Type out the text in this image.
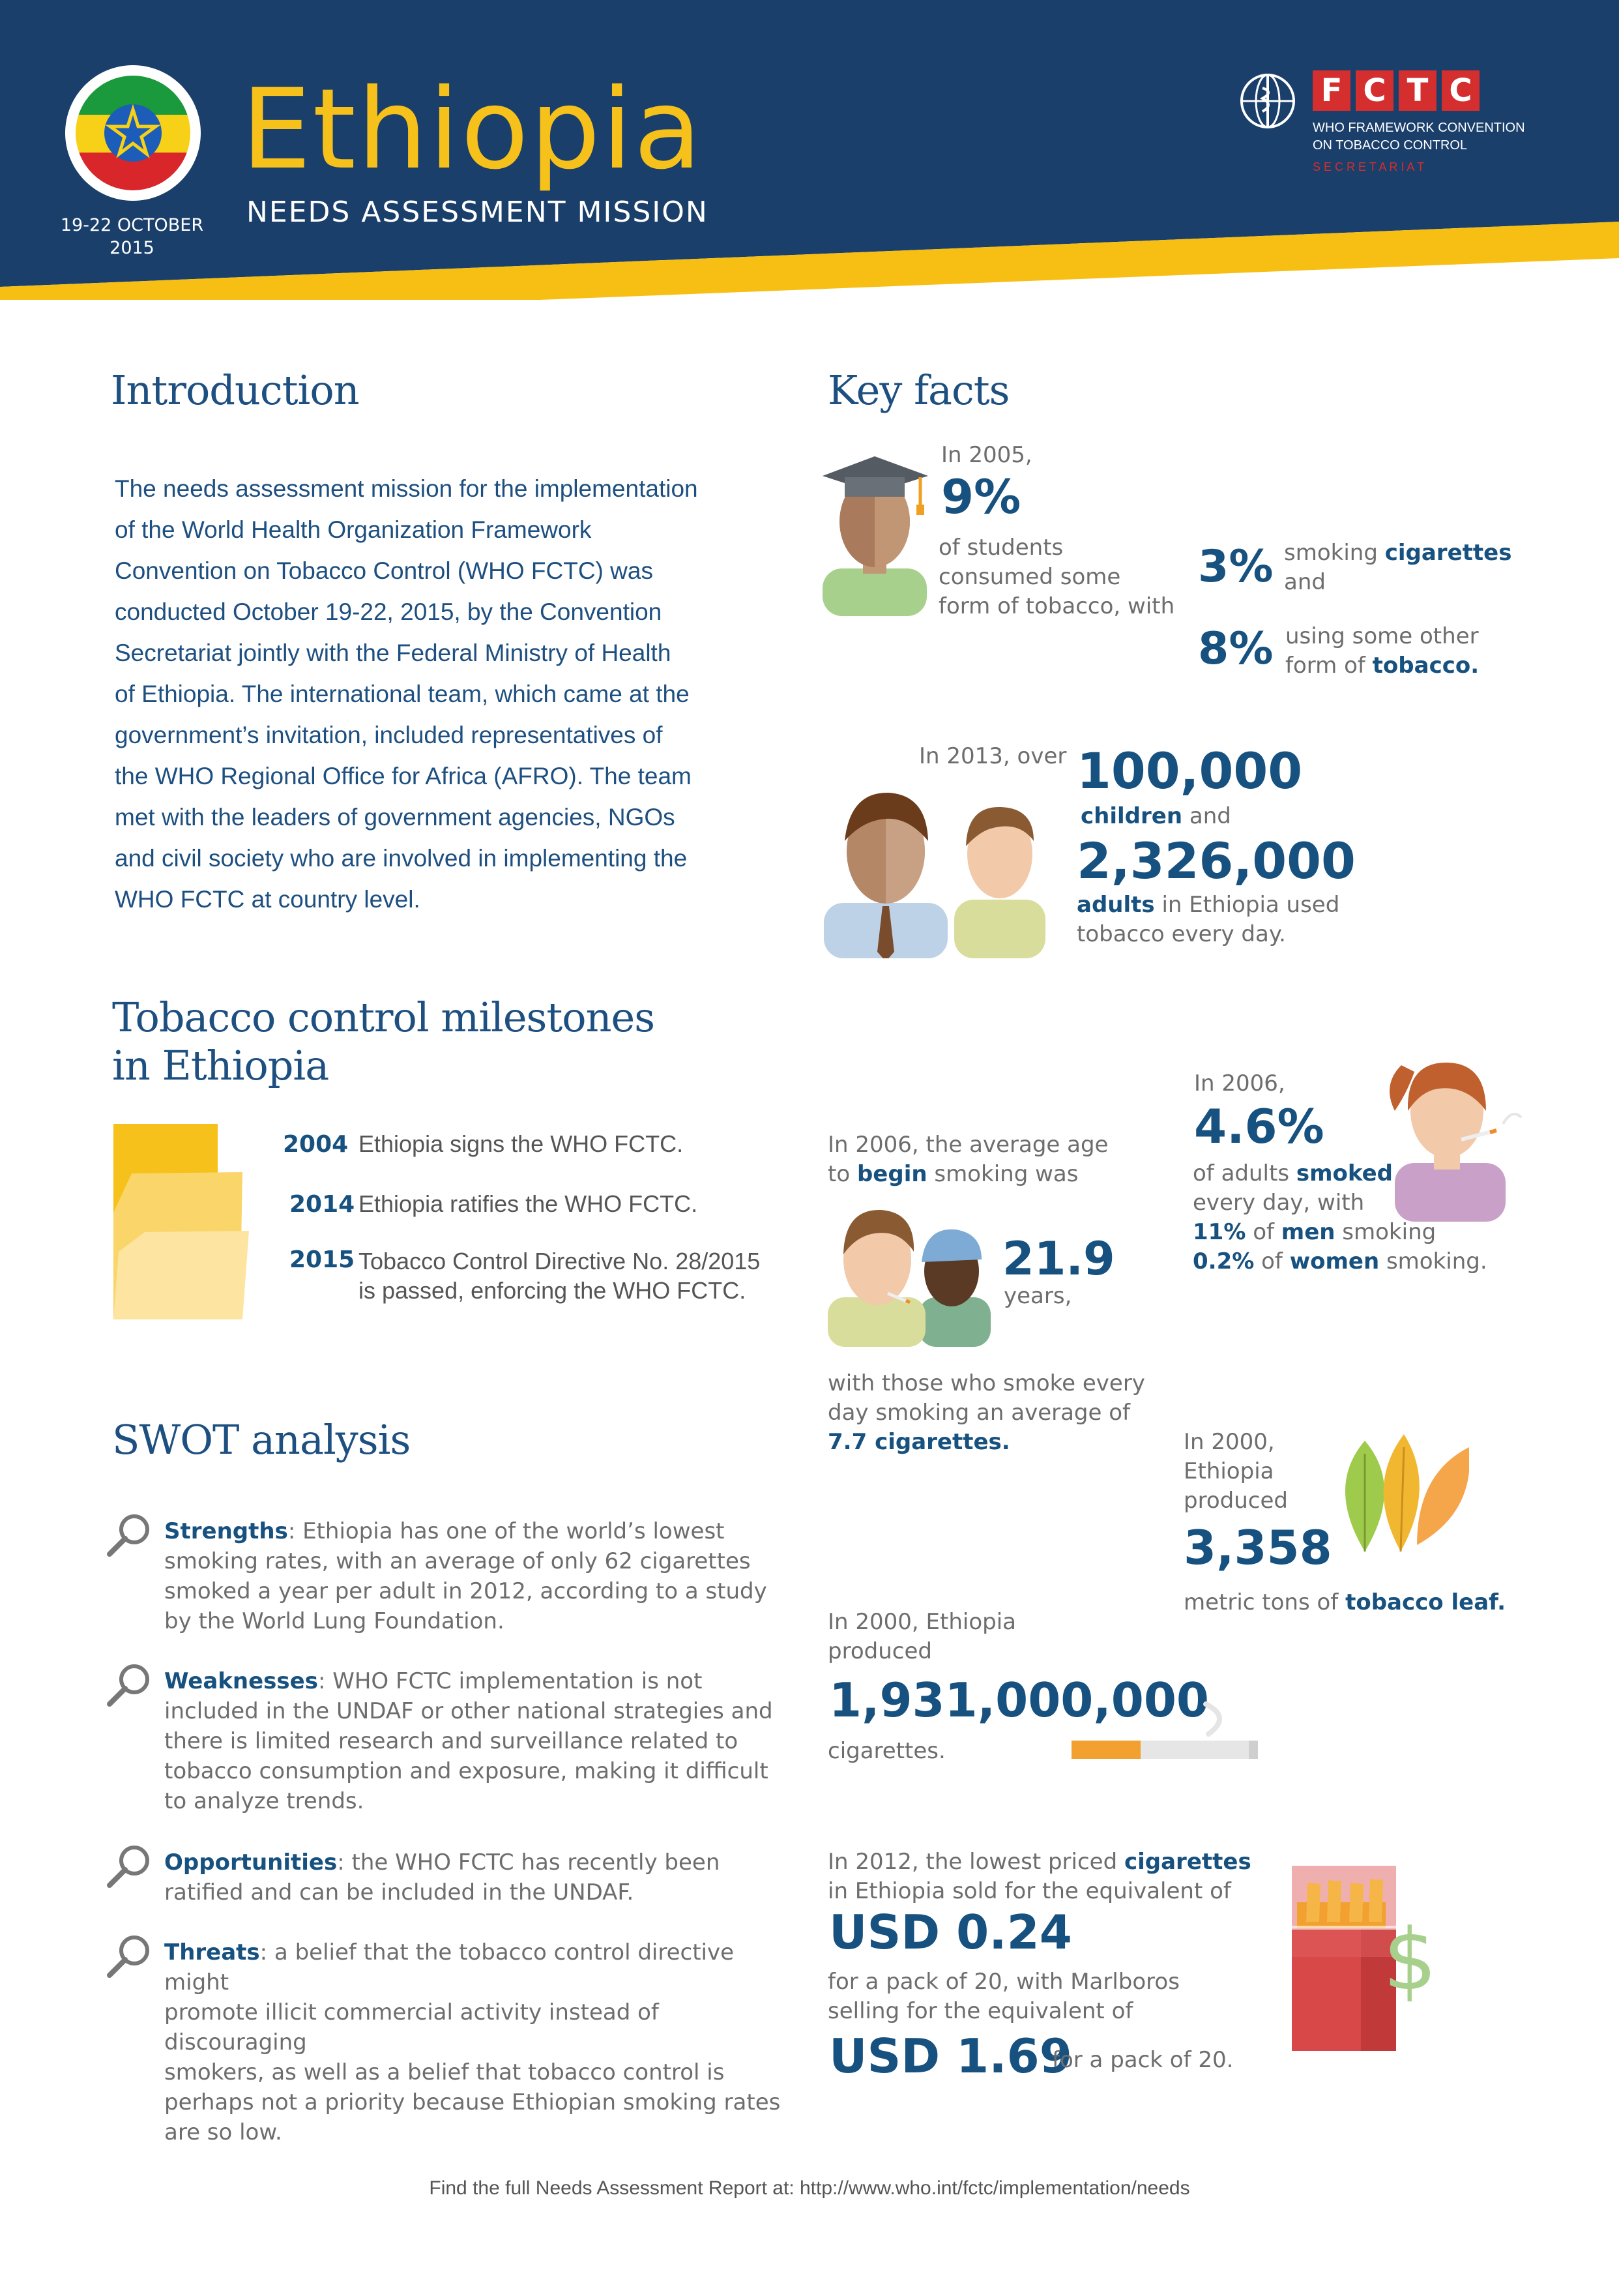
Ethiopia
NEEDS ASSESSMENT MISSION
19-22 OCTOBER
2015
F C T C
WHO FRAMEWORK CONVENTION
ON TOBACCO CONTROL
S E C R E T A R I A T
Introduction
The needs assessment mission for the implementation
of the World Health Organization Framework
Convention on Tobacco Control (WHO FCTC) was
conducted October 19-22, 2015, by the Convention
Secretariat jointly with the Federal Ministry of Health
of Ethiopia. The international team, which came at the
government’s invitation, included representatives of
the WHO Regional Office for Africa (AFRO). The team
met with the leaders of government agencies, NGOs
and civil society who are involved in implementing the
WHO FCTC at country level.
Tobacco control milestones
in Ethiopia
2004 Ethiopia signs the WHO FCTC.
2014 Ethiopia ratifies the WHO FCTC.
2015 Tobacco Control Directive No. 28/2015
is passed, enforcing the WHO FCTC.
SWOT analysis
Strengths: Ethiopia has one of the world’s lowest
smoking rates, with an average of only 62 cigarettes
smoked a year per adult in 2012, according to a study
by the World Lung Foundation.
Weaknesses: WHO FCTC implementation is not
included in the UNDAF or other national strategies and
there is limited research and surveillance related to
tobacco consumption and exposure, making it difficult
to analyze trends.
Opportunities: the WHO FCTC has recently been
ratified and can be included in the UNDAF.
Threats: a belief that the tobacco control directive might
promote illicit commercial activity instead of discouraging
smokers, as well as a belief that tobacco control is
perhaps not a priority because Ethiopian smoking rates
are so low.
Key facts
In 2005,
9%
of students
consumed some
form of tobacco, with
3% smoking cigarettes
and
8% using some other
form of tobacco.
In 2013, over 100,000
children and
2,326,000
adults in Ethiopia used
tobacco every day.
In 2006,
4.6%
of adults smoked
every day, with
11% of men smoking
0.2% of women smoking.
In 2006, the average age
to begin smoking was
21.9
years,
with those who smoke every
day smoking an average of
7.7 cigarettes.	In 2000,
Ethiopia
produced
3,358
metric tons of tobacco leaf.
In 2000, Ethiopia
produced
1,931,000,000
cigarettes.
In 2012, the lowest priced cigarettes
in Ethiopia sold for the equivalent of
USD 0.24
for a pack of 20, with Marlboros
selling for the equivalent of
USD 1.69
for a pack of 20.
$
Find the full Needs Assessment Report at: http://www.who.int/fctc/implementation/needs
